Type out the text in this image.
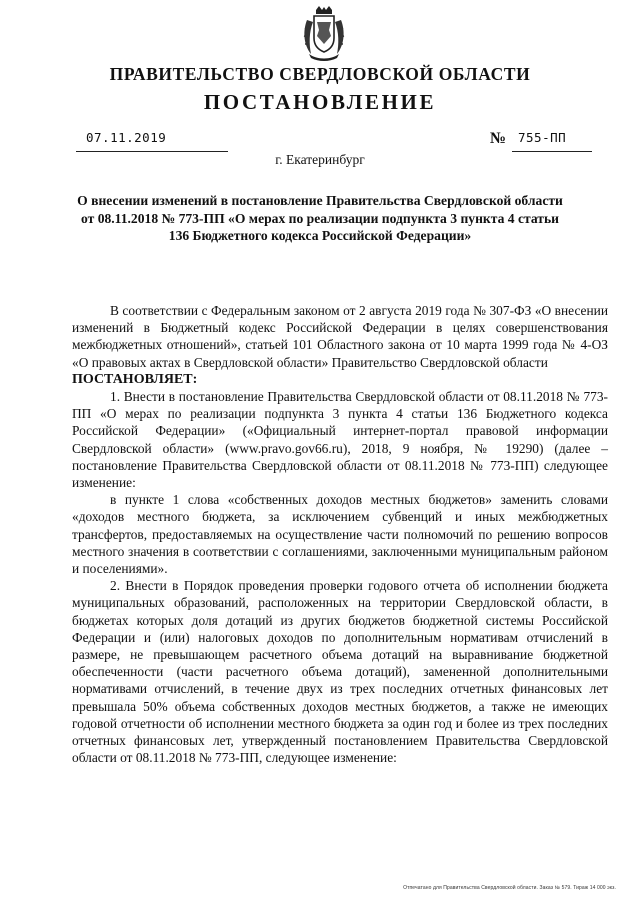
ПРАВИТЕЛЬСТВО СВЕРДЛОВСКОЙ ОБЛАСТИ
ПОСТАНОВЛЕНИЕ
07.11.2019	№ 755-ПП
г. Екатеринбург
О внесении изменений в постановление Правительства Свердловской области от 08.11.2018 № 773-ПП «О мерах по реализации подпункта 3 пункта 4 статьи 136 Бюджетного кодекса Российской Федерации»

В соответствии с Федеральным законом от 2 августа 2019 года № 307-ФЗ «О внесении изменений в Бюджетный кодекс Российской Федерации в целях совершенствования межбюджетных отношений», статьей 101 Областного закона от 10 марта 1999 года № 4-ОЗ «О правовых актах в Свердловской области» Правительство Свердловской области

ПОСТАНОВЛЯЕТ:

1. Внести в постановление Правительства Свердловской области от 08.11.2018 № 773-ПП «О мерах по реализации подпункта 3 пункта 4 статьи 136 Бюджетного кодекса Российской Федерации» («Официальный интернет-портал правовой информации Свердловской области» (www.pravo.gov66.ru), 2018, 9 ноября, № 19290) (далее – постановление Правительства Свердловской области от 08.11.2018 № 773-ПП) следующее изменение:

в пункте 1 слова «собственных доходов местных бюджетов» заменить словами «доходов местного бюджета, за исключением субвенций и иных межбюджетных трансфертов, предоставляемых на осуществление части полномочий по решению вопросов местного значения в соответствии с соглашениями, заключенными муниципальным районом и поселениями».

2. Внести в Порядок проведения проверки годового отчета об исполнении бюджета муниципальных образований, расположенных на территории Свердловской области, в бюджетах которых доля дотаций из других бюджетов бюджетной системы Российской Федерации и (или) налоговых доходов по дополнительным нормативам отчислений в размере, не превышающем расчетного объема дотаций на выравнивание бюджетной обеспеченности (части расчетного объема дотаций), замененной дополнительными нормативами отчислений, в течение двух из трех последних отчетных финансовых лет превышала 50% объема собственных доходов местных бюджетов, а также не имеющих годовой отчетности об исполнении местного бюджета за один год и более из трех последних отчетных финансовых лет, утвержденный постановлением Правительства Свердловской области от 08.11.2018 № 773-ПП, следующее изменение:

Отпечатано для Правительства Свердловской области. Заказ № 579. Тираж 14 000 экз.
